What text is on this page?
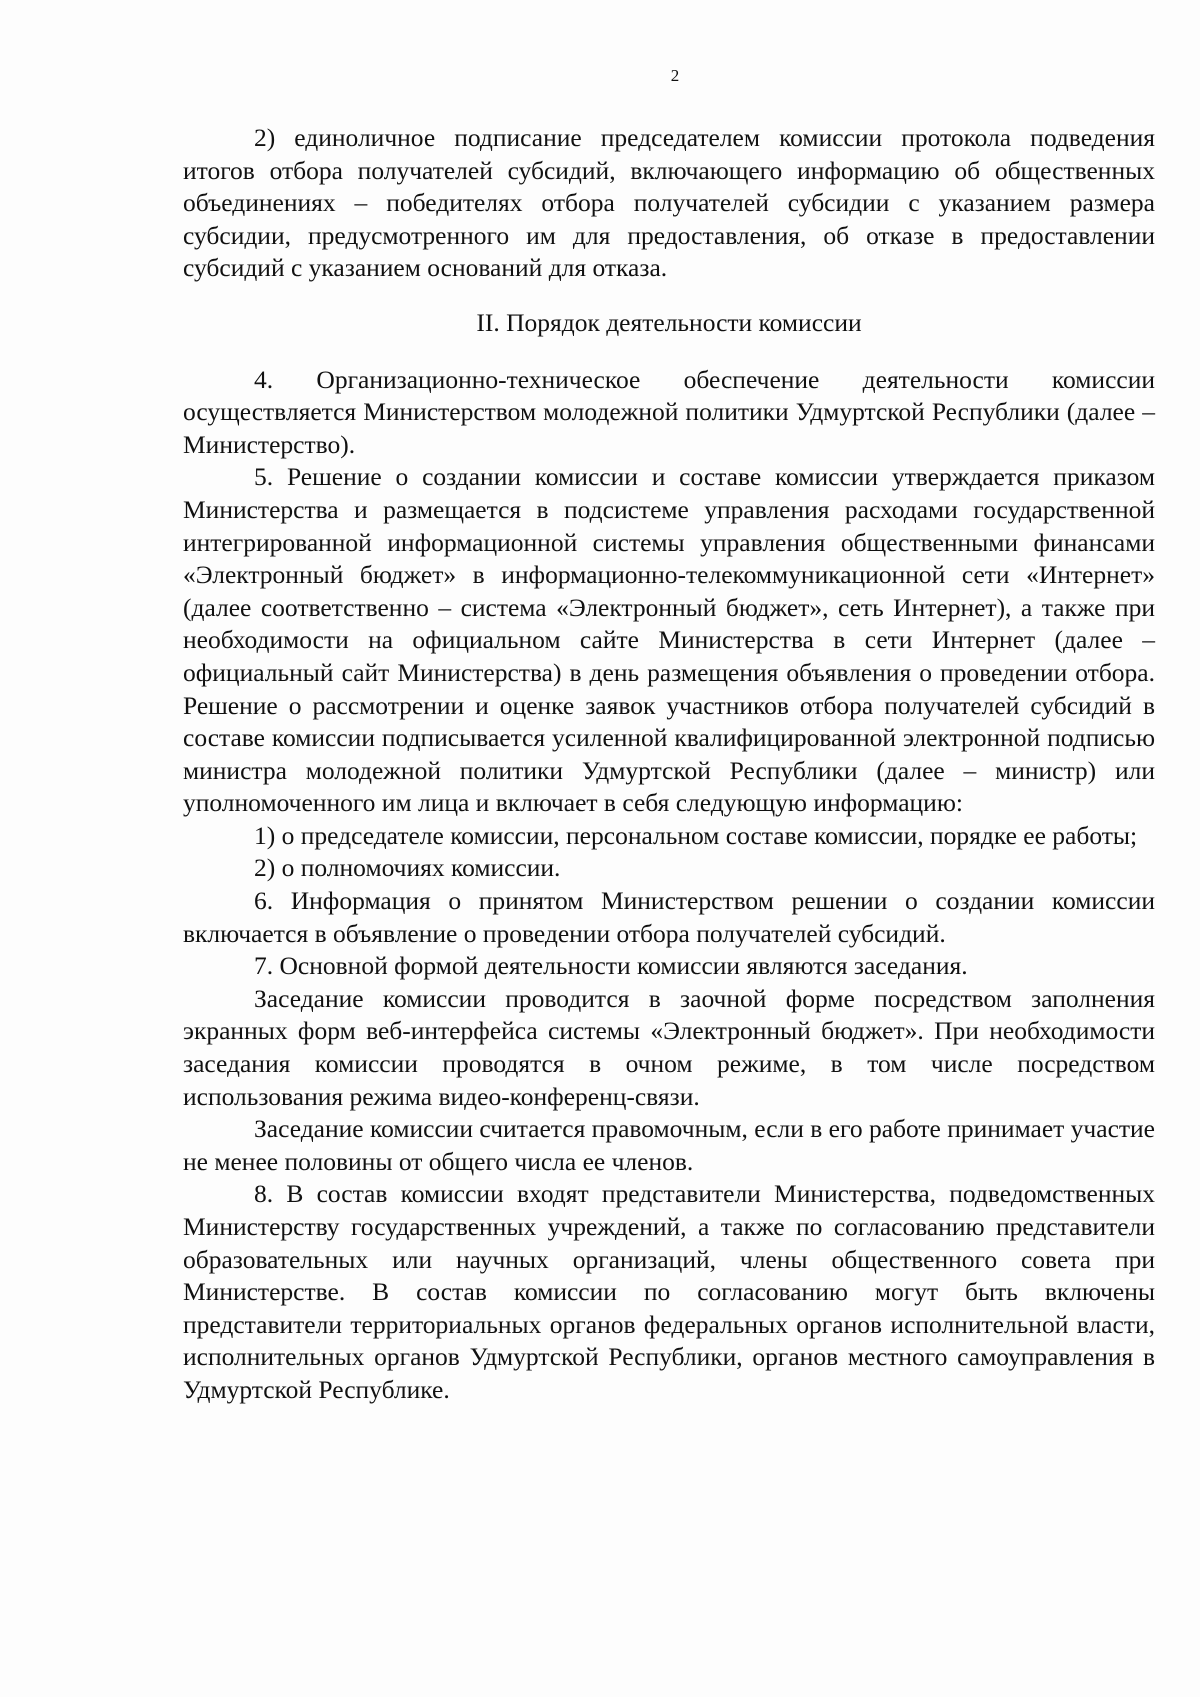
2

2) единоличное подписание председателем комиссии протокола подведения итогов отбора получателей субсидий, включающего информацию об общественных объединениях – победителях отбора получателей субсидии с указанием размера субсидии, предусмотренного им для предоставления, об отказе в предоставлении субсидий с указанием оснований для отказа.

II. Порядок деятельности комиссии

4. Организационно-техническое обеспечение деятельности комиссии осуществляется Министерством молодежной политики Удмуртской Республики (далее – Министерство).

5. Решение о создании комиссии и составе комиссии утверждается приказом Министерства и размещается в подсистеме управления расходами государственной интегрированной информационной системы управления общественными финансами «Электронный бюджет» в информационно-телекоммуникационной сети «Интернет» (далее соответственно – система «Электронный бюджет», сеть Интернет), а также при необходимости на официальном сайте Министерства в сети Интернет (далее – официальный сайт Министерства) в день размещения объявления о проведении отбора. Решение о рассмотрении и оценке заявок участников отбора получателей субсидий в составе комиссии подписывается усиленной квалифицированной электронной подписью министра молодежной политики Удмуртской Республики (далее – министр) или уполномоченного им лица и включает в себя следующую информацию:

1) о председателе комиссии, персональном составе комиссии, порядке ее работы;

2) о полномочиях комиссии.

6. Информация о принятом Министерством решении о создании комиссии включается в объявление о проведении отбора получателей субсидий.

7. Основной формой деятельности комиссии являются заседания.

Заседание комиссии проводится в заочной форме посредством заполнения экранных форм веб-интерфейса системы «Электронный бюджет». При необходимости заседания комиссии проводятся в очном режиме, в том числе посредством использования режима видео-конференц-связи.

Заседание комиссии считается правомочным, если в его работе принимает участие не менее половины от общего числа ее членов.

8. В состав комиссии входят представители Министерства, подведомственных Министерству государственных учреждений, а также по согласованию представители образовательных или научных организаций, члены общественного совета при Министерстве. В состав комиссии по согласованию могут быть включены представители территориальных органов федеральных органов исполнительной власти, исполнительных органов Удмуртской Республики, органов местного самоуправления в Удмуртской Республике.
